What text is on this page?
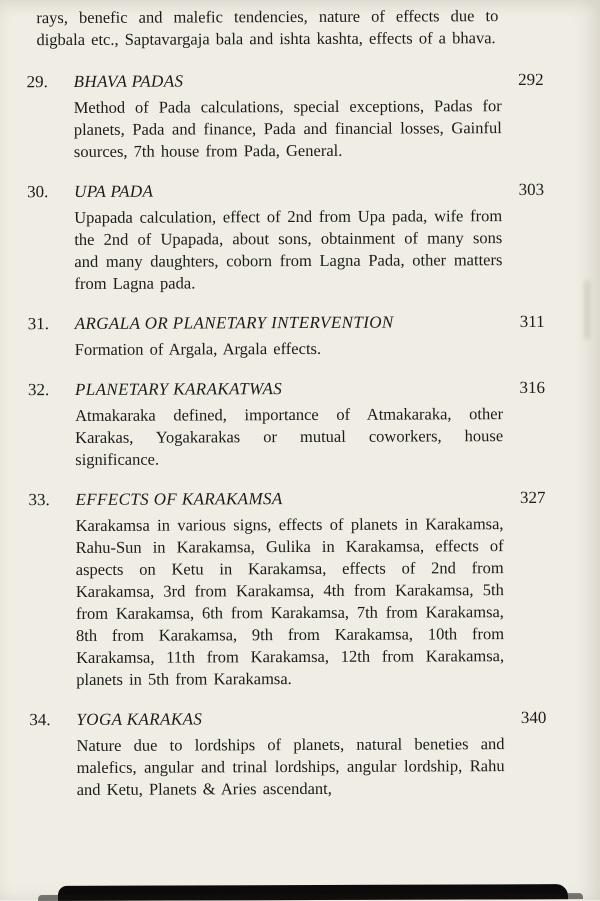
rays, benefic and malefic tendencies, nature of effects due to digbala etc., Saptavargaja bala and ishta kashta, effects of a bhava.

29.	BHAVA PADAS	292

Method of Pada calculations, special exceptions, Padas for planets, Pada and finance, Pada and financial losses, Gainful sources, 7th house from Pada, General.

30.	UPA PADA	303

Upapada calculation, effect of 2nd from Upa pada, wife from the 2nd of Upapada, about sons, obtainment of many sons and many daughters, coborn from Lagna Pada, other matters from Lagna pada.

31.	ARGALA OR PLANETARY INTERVENTION	311

Formation of Argala, Argala effects.

32.	PLANETARY KARAKATWAS	316

Atmakaraka defined, importance of Atmakaraka, other Karakas, Yogakarakas or mutual coworkers, house significance.

33.	EFFECTS OF KARAKAMSA	327

Karakamsa in various signs, effects of planets in Karakamsa, Rahu-Sun in Karakamsa, Gulika in Karakamsa, effects of aspects on Ketu in Karakamsa, effects of 2nd from Karakamsa, 3rd from Karakamsa, 4th from Karakamsa, 5th from Karakamsa, 6th from Karakamsa, 7th from Karakamsa, 8th from Karakamsa, 9th from Karakamsa, 10th from Karakamsa, 11th from Karakamsa, 12th from Karakamsa, planets in 5th from Karakamsa.

34.	YOGA KARAKAS	340

Nature due to lordships of planets, natural beneties and malefics, angular and trinal lordships, angular lordship, Rahu and Ketu, Planets & Aries ascendant,
